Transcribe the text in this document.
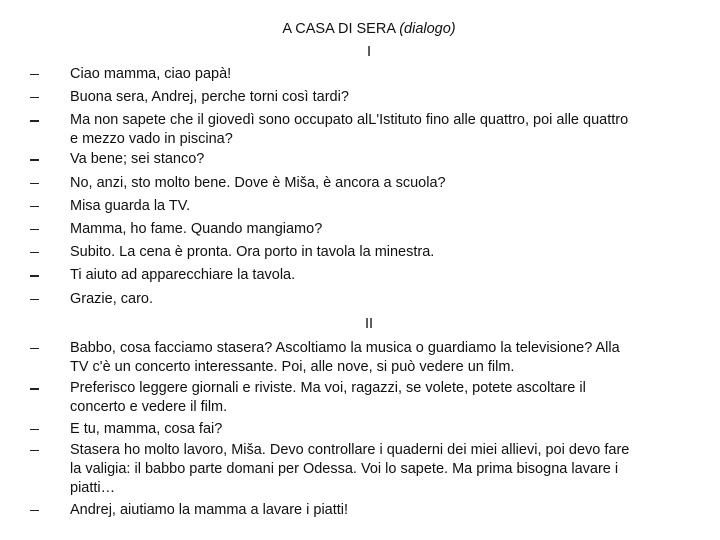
A CASA DI SERA (dialogo)
I
Ciao mamma, ciao papà!
Buona sera, Andrej, perche torni così tardi?
Ma non sapete che il giovedì sono occupato alL'Istituto fino alle quattro, poi alle quattro
e mezzo vado in piscina?
Va bene; sei stanco?
No, anzi, sto molto bene. Dove è Miša, è ancora a scuola?
Misa guarda la TV.
Mamma, ho fame. Quando mangiamo?
Subito. La cena è pronta. Ora porto in tavola la minestra.
Ti aiuto ad apparecchiare la tavola.
Grazie, caro.
II
Babbo, cosa facciamo stasera? Ascoltiamo la musica o guardiamo la televisione? Alla
TV c'è un concerto interessante. Poi, alle nove, si può vedere un film.
Preferisco leggere giornali e riviste. Ma voi, ragazzi, se volete, potete ascoltare il
concerto e vedere il film.
E tu, mamma, cosa fai?
Stasera ho molto lavoro, Miša. Devo controllare i quaderni dei miei allievi, poi devo fare
la valigia: il babbo parte domani per Odessa. Voi lo sapete. Ma prima bisogna lavare i
piatti…
Andrej, aiutiamo la mamma a lavare i piatti!
